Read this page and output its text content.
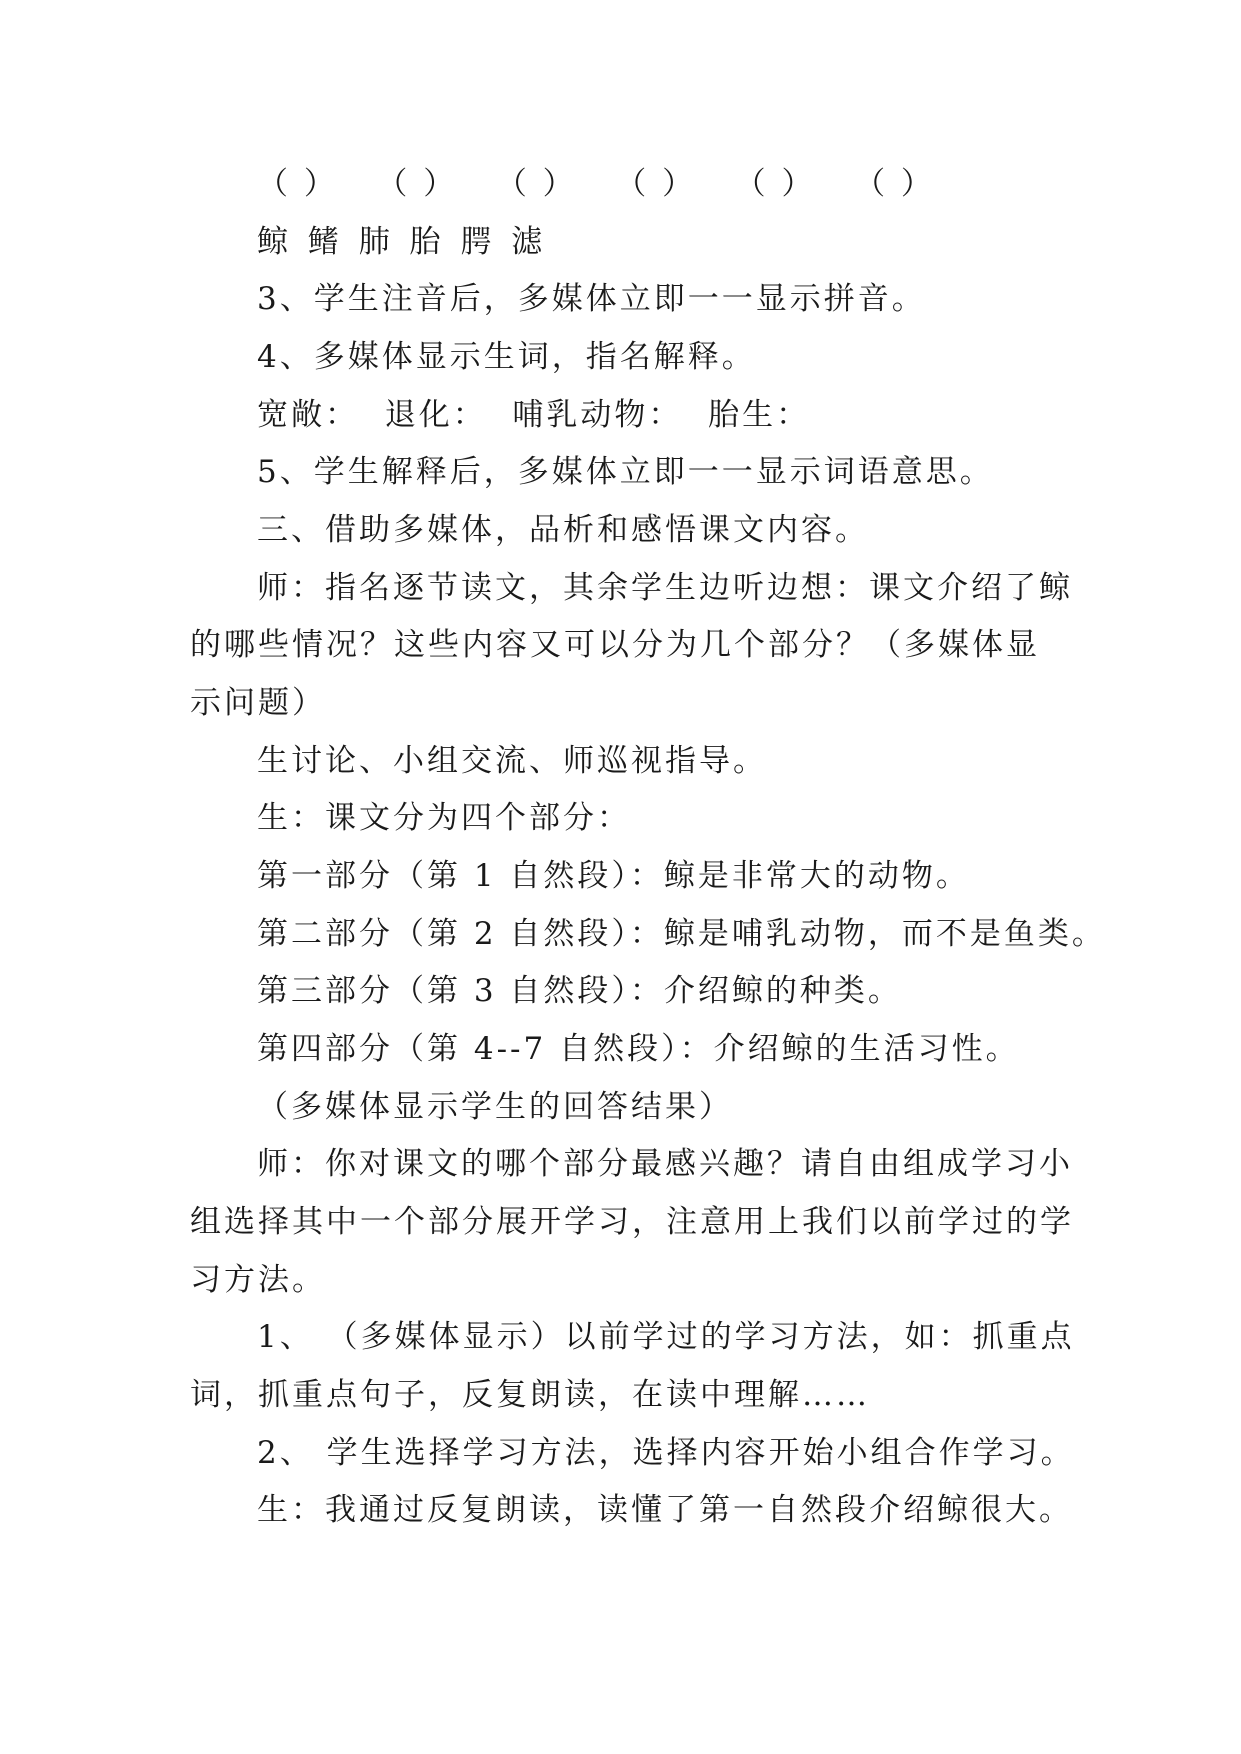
（ ）   （ ）   （ ）   （ ）   （ ）   （ ）
鲸 鳍 肺 胎 腭 滤
3、学生注音后，多媒体立即一一显示拼音。
4、多媒体显示生词，指名解释。
宽敞：  退化：  哺乳动物：  胎生：
5、学生解释后，多媒体立即一一显示词语意思。
三、借助多媒体，品析和感悟课文内容。
师：指名逐节读文，其余学生边听边想：课文介绍了鲸
的哪些情况？这些内容又可以分为几个部分？（多媒体显
示问题）
生讨论、小组交流、师巡视指导。
生：课文分为四个部分：
第一部分（第 1 自然段）：鲸是非常大的动物。
第二部分（第 2 自然段）：鲸是哺乳动物，而不是鱼类。
第三部分（第 3 自然段）：介绍鲸的种类。
第四部分（第 4--7 自然段）：介绍鲸的生活习性。
（多媒体显示学生的回答结果）
师：你对课文的哪个部分最感兴趣？请自由组成学习小
组选择其中一个部分展开学习，注意用上我们以前学过的学
习方法。
1、 （多媒体显示）以前学过的学习方法，如：抓重点
词，抓重点句子，反复朗读，在读中理解……
2、 学生选择学习方法，选择内容开始小组合作学习。
生：我通过反复朗读，读懂了第一自然段介绍鲸很大。
